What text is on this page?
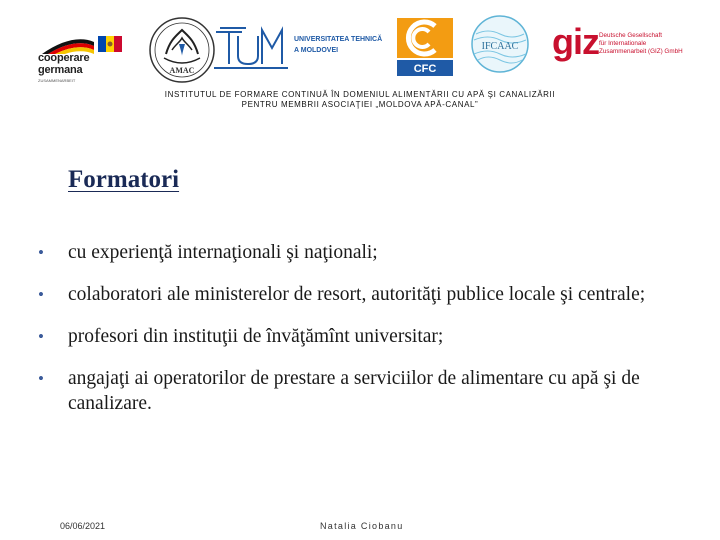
cooperare
germana
ZUSAMMENARBEIT
AMAC
UNIVERSITATEA TEHNICĂ
A MOLDOVEI
CFC
IFCAAC giz Deutsche Gesellschaft
für Internationale
Zusammenarbeit (GIZ) GmbH
INSTITUTUL DE FORMARE CONTINUĂ ÎN DOMENIUL ALIMENTĂRII CU APĂ ŞI CANALIZĂRII
PENTRU MEMBRII ASOCIAŢIEI „MOLDOVA APĂ-CANAL”
Formatori
• cu experienţă internaţionali şi naţionali;
• colaboratori ale ministerelor de resort, autorităţi publice locale şi centrale;
• profesori din instituţii de învăţămînt universitar;
• angajaţi ai operatorilor de prestare a serviciilor de alimentare cu apă şi de canalizare.
06/06/2021	Natalia Ciobanu
